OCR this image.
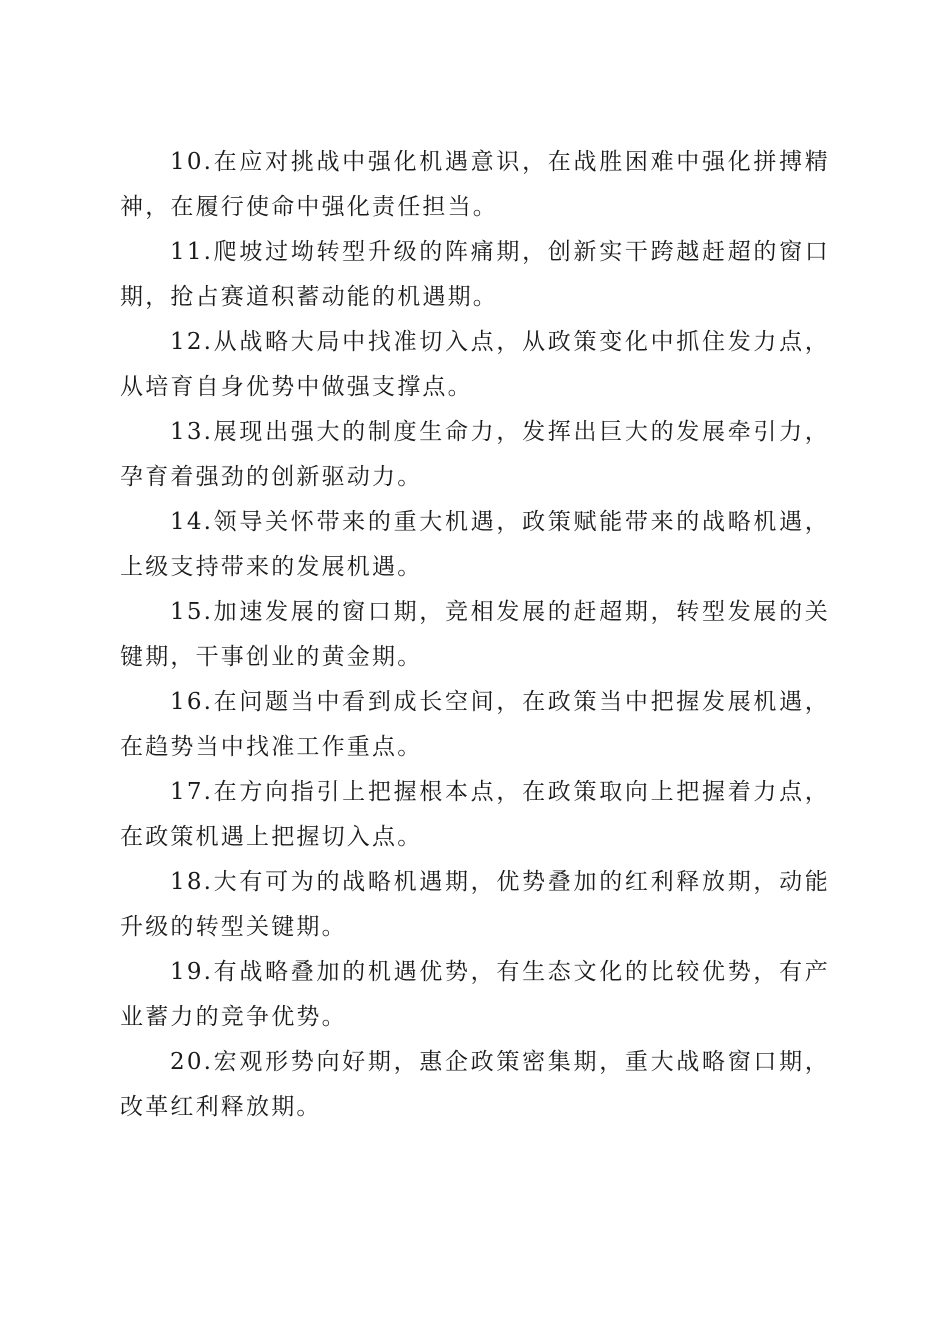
10.在应对挑战中强化机遇意识，在战胜困难中强化拼搏精神，在履行使命中强化责任担当。

11.爬坡过坳转型升级的阵痛期，创新实干跨越赶超的窗口期，抢占赛道积蓄动能的机遇期。

12.从战略大局中找准切入点，从政策变化中抓住发力点，从培育自身优势中做强支撑点。

13.展现出强大的制度生命力，发挥出巨大的发展牵引力，孕育着强劲的创新驱动力。

14.领导关怀带来的重大机遇，政策赋能带来的战略机遇，上级支持带来的发展机遇。

15.加速发展的窗口期，竞相发展的赶超期，转型发展的关键期，干事创业的黄金期。

16.在问题当中看到成长空间，在政策当中把握发展机遇，在趋势当中找准工作重点。

17.在方向指引上把握根本点，在政策取向上把握着力点，在政策机遇上把握切入点。

18.大有可为的战略机遇期，优势叠加的红利释放期，动能升级的转型关键期。

19.有战略叠加的机遇优势，有生态文化的比较优势，有产业蓄力的竞争优势。

20.宏观形势向好期，惠企政策密集期，重大战略窗口期，改革红利释放期。
